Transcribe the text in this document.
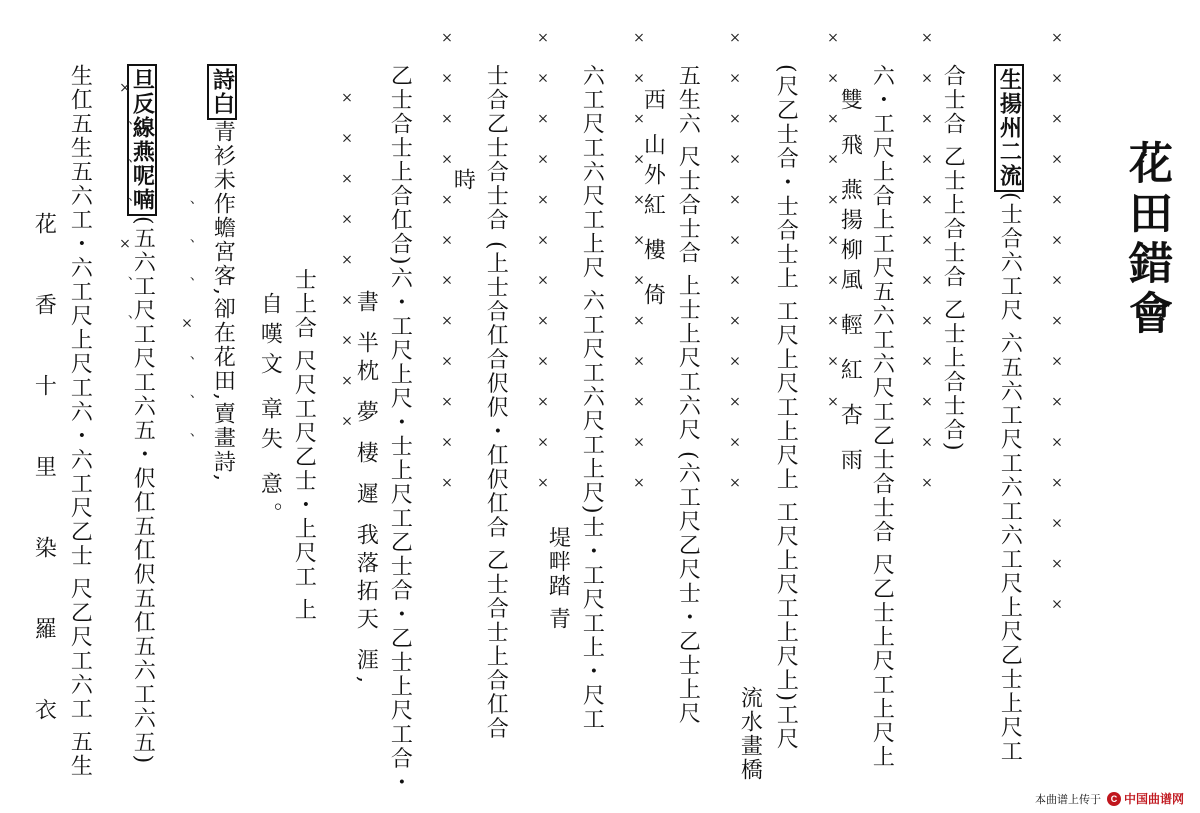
花田錯會
× × × × × × × × × × × × × × ×

生揚州二流(士合六工尺 六五六工尺工六工六工尺上尺乙士上尺工

合士合 乙士上合士合 乙士上合士合)

× × × × × × × × × × × ×

六・工尺上合上工尺五六工六尺工乙士合士合 尺乙士上尺工上尺上

雙 飛 燕揚柳風 輕 紅 杏 雨

× × × × × × × × × ×

(尺乙士合・士合士上 工尺上尺工上尺上 工尺上尺工上尺上)工尺

流水畫橋

× × × × × × × × × × × ×

五生六 尺士合士合 上士上尺工六尺 (六工尺乙尺士・乙士上尺

西 山外紅 樓 倚

× × × × × × × × × × × ×

六工尺工六尺工上尺 六工尺工六尺工上尺)士・工尺工上・尺工

堤畔踏 青

× × × × × × × × × × × ×

士合乙士合士合 (上士合仜合伬伬・仜伬仜合 乙士合士上合仜合

時

× × × × × × × × × × × ×

乙士合士上合仜合)六・工尺上尺・士上尺工乙士合・乙士上尺工合・

書 半枕 夢 棲 遲 我落拓天 涯,

× × × × × × × × ×

士上合 尺尺工尺乙士・上尺工 上

自嘆文 章失 意。

詩白青衫未作蟾宮客,卻在花田,賣畫詩,

、 、 、 × 、 、 、

旦反線燕呢喃(五六工尺工尺工六五・伬仜五仜伬五仜五六工六五)

× 、 、 、 × 、 、

生仜五生五六工・六工尺上尺工六・六工尺乙士 尺乙尺工六工 五生

花 香 十 里 染 羅 衣

本曲谱上传于	C 中国曲谱网
